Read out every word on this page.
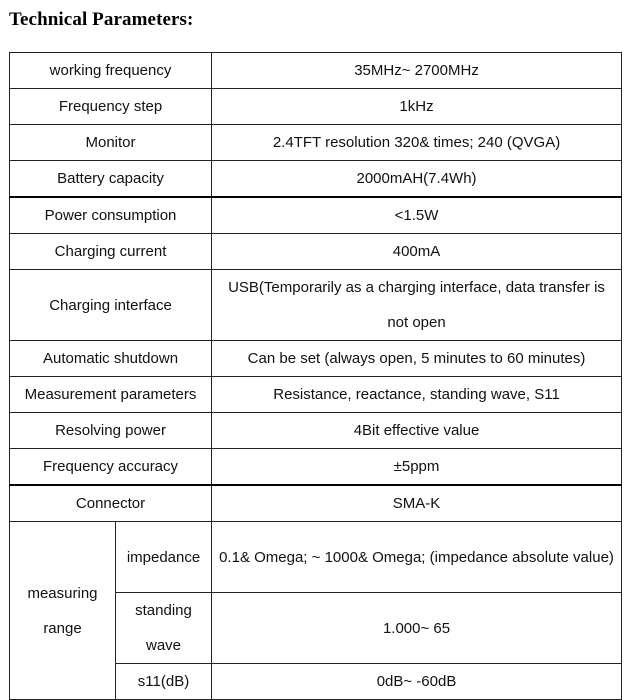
Technical Parameters:
working frequency		35MHz~ 2700MHz
Frequency step		1kHz
Monitor		2.4TFT resolution 320& times; 240 (QVGA)
Battery capacity		2000mAH(7.4Wh)
Power consumption		<1.5W
Charging current		400mA
Charging interface		USB(Temporarily as a charging interface, data transfer is not open
Automatic shutdown		Can be set (always open, 5 minutes to 60 minutes)
Measurement parameters		Resistance, reactance, standing wave, S11
Resolving power		4Bit effective value
Frequency accuracy		±5ppm
Connector		SMA-K

measuring range	impedance	0.1& Omega; ~ 1000& Omega; (impedance absolute value)
	standing wave	1.000~ 65
	s11(dB)	0dB~ -60dB
